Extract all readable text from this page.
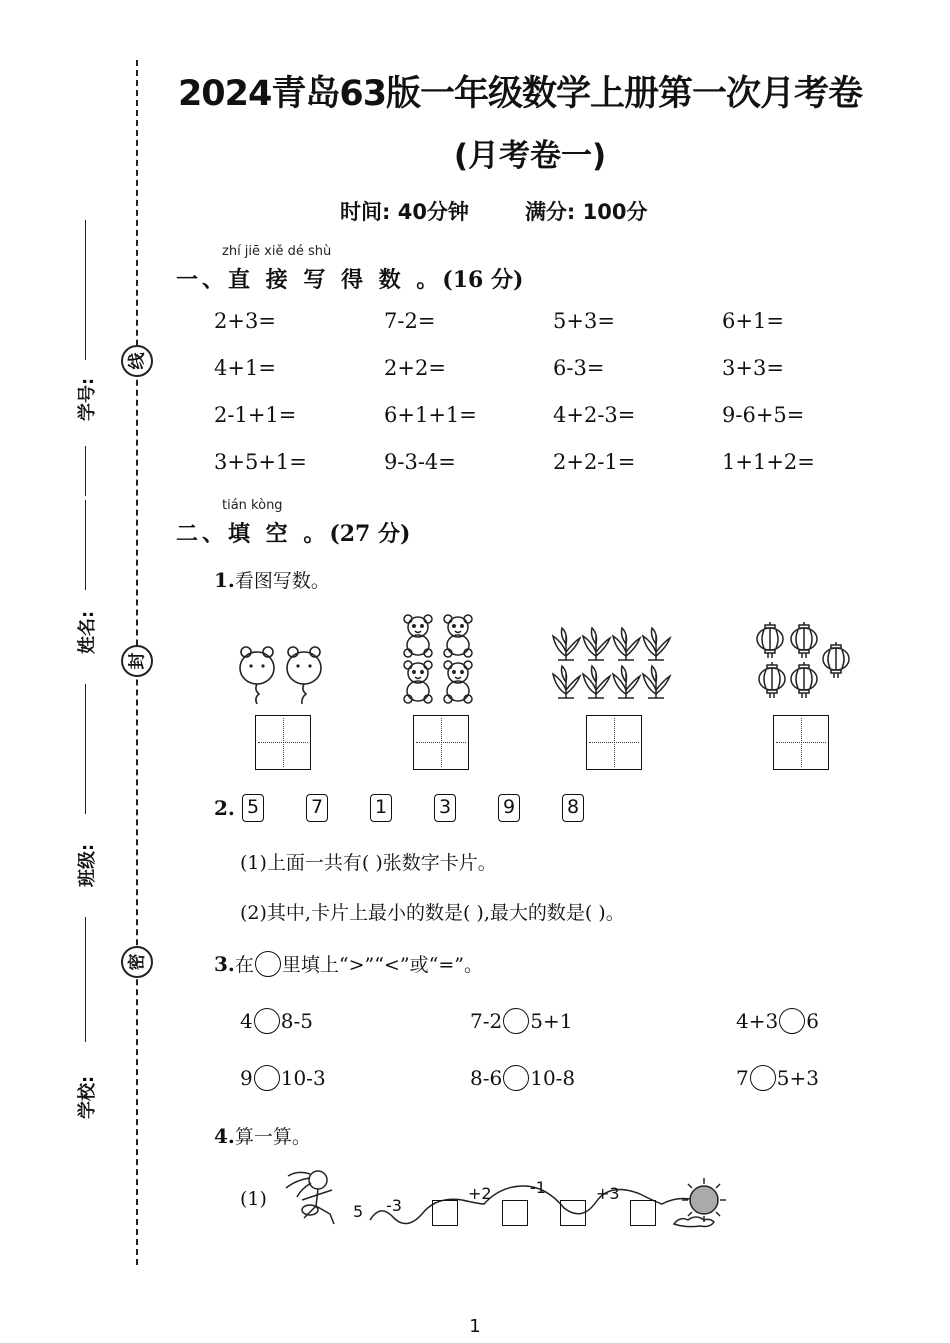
线
封
密
学号:
姓名:
班级:
学校:
2024青岛63版一年级数学上册第一次月考卷
(月考卷一)
时间: 40分钟	满分: 100分
zhí jiē xiě dé shù
一、直 接 写 得 数 。(16 分)
2+3=	7-2=	5+3=	6+1=
4+1=	2+2=	6-3=	3+3=
2-1+1=	6+1+1=	4+2-3=	9-6+5=
3+5+1=	9-3-4=	2+2-1=	1+1+2=
tián kòng
二、填 空 。(27 分)
1.看图写数。
2. 5	7	1	3	9	8
(1)上面一共有( )张数字卡片。
(2)其中,卡片上最小的数是( ),最大的数是( )。
3.在 里填上“>”“<”或“=”。
4 8-5	7-2 5+1	4+3 6
9 10-3	8-6 10-8	7 5+3
4.算一算。
(1)
5 -3
+2 -1	+3
1
